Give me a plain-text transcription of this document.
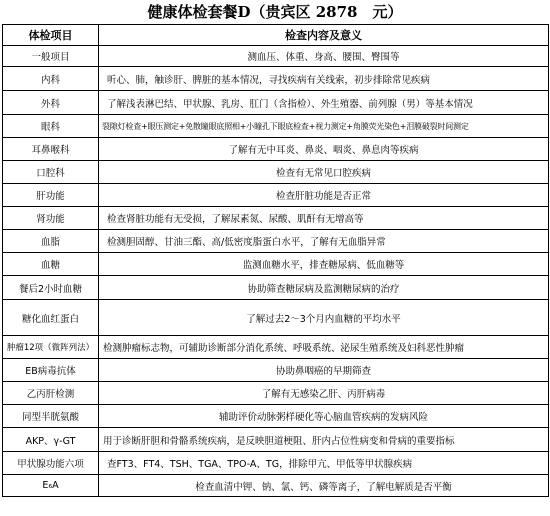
健康体检套餐D（贵宾区 2878　元）
体检项目	检查内容及意义
一般项目	测血压、体重、身高、腰围、臀围等
内科	听心、肺，触诊肝、脾脏的基本情况，寻找疾病有关线索，初步排除常见疾病
外科	了解浅表淋巴结、甲状腺、乳房、肛门（含指检）、外生殖器、前列腺（男）等基本情况
眼科	裂隙灯检查+眼压测定+免散瞳眼底照相+小瞳孔下眼底检查+视力测定+角膜荧光染色+泪膜破裂时间测定
耳鼻喉科	了解有无中耳炎、鼻炎、咽炎、鼻息肉等疾病
口腔科	检查有无常见口腔疾病
肝功能	检查肝脏功能是否正常
肾功能	检查肾脏功能有无受损，了解尿素氮、尿酸、肌酐有无增高等
血脂	检测胆固醇、甘油三酯、高/低密度脂蛋白水平，了解有无血脂异常
血糖	监测血糖水平，排查糖尿病、低血糖等
餐后2小时血糖	协助筛查糖尿病及监测糖尿病的治疗
糖化血红蛋白	了解过去2～3个月内血糖的平均水平
肿瘤12项（微阵列法）	检测肿瘤标志物，可辅助诊断部分消化系统、呼吸系统、泌尿生殖系统及妇科恶性肿瘤
EB病毒抗体	协助鼻咽癌的早期筛查
乙丙肝检测	了解有无感染乙肝、丙肝病毒
同型半胱氨酸	辅助评价动脉粥样硬化等心脑血管疾病的发病风险
AKP、γ-GT	用于诊断肝胆和骨骼系统疾病，是反映胆道梗阻、肝内占位性病变和骨病的重要指标
甲状腺功能六项	查FT3、FT4、TSH、TGA、TPO-A、TG，排除甲亢、甲低等甲状腺疾病
E₆A	检查血清中钾、钠、氯、钙、磷等离子，了解电解质是否平衡
